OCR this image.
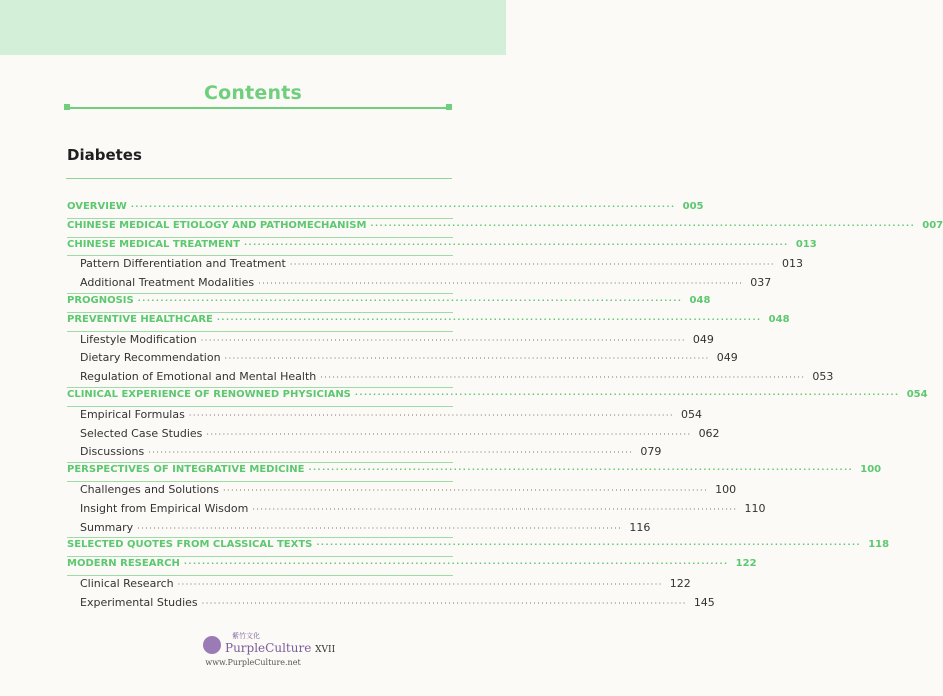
Contents
Diabetes
OVERVIEW ························································································································ 005
CHINESE MEDICAL ETIOLOGY AND PATHOMECHANISM ························································································································ 007
CHINESE MEDICAL TREATMENT ························································································································ 013
Pattern Differentiation and Treatment ························································································································ 013
Additional Treatment Modalities ························································································································ 037
PROGNOSIS ························································································································ 048
PREVENTIVE HEALTHCARE ························································································································ 048
Lifestyle Modification ························································································································ 049
Dietary Recommendation ························································································································ 049
Regulation of Emotional and Mental Health ························································································································ 053
CLINICAL EXPERIENCE OF RENOWNED PHYSICIANS ························································································································ 054
Empirical Formulas ························································································································ 054
Selected Case Studies ························································································································ 062
Discussions ························································································································ 079
PERSPECTIVES OF INTEGRATIVE MEDICINE ························································································································ 100
Challenges and Solutions ························································································································ 100
Insight from Empirical Wisdom ························································································································ 110
Summary ························································································································ 116
SELECTED QUOTES FROM CLASSICAL TEXTS ························································································································ 118
MODERN RESEARCH ························································································································ 122
Clinical Research ························································································································ 122
Experimental Studies ························································································································ 145
紫竹文化
PurpleCulture XVII
www.PurpleCulture.net
